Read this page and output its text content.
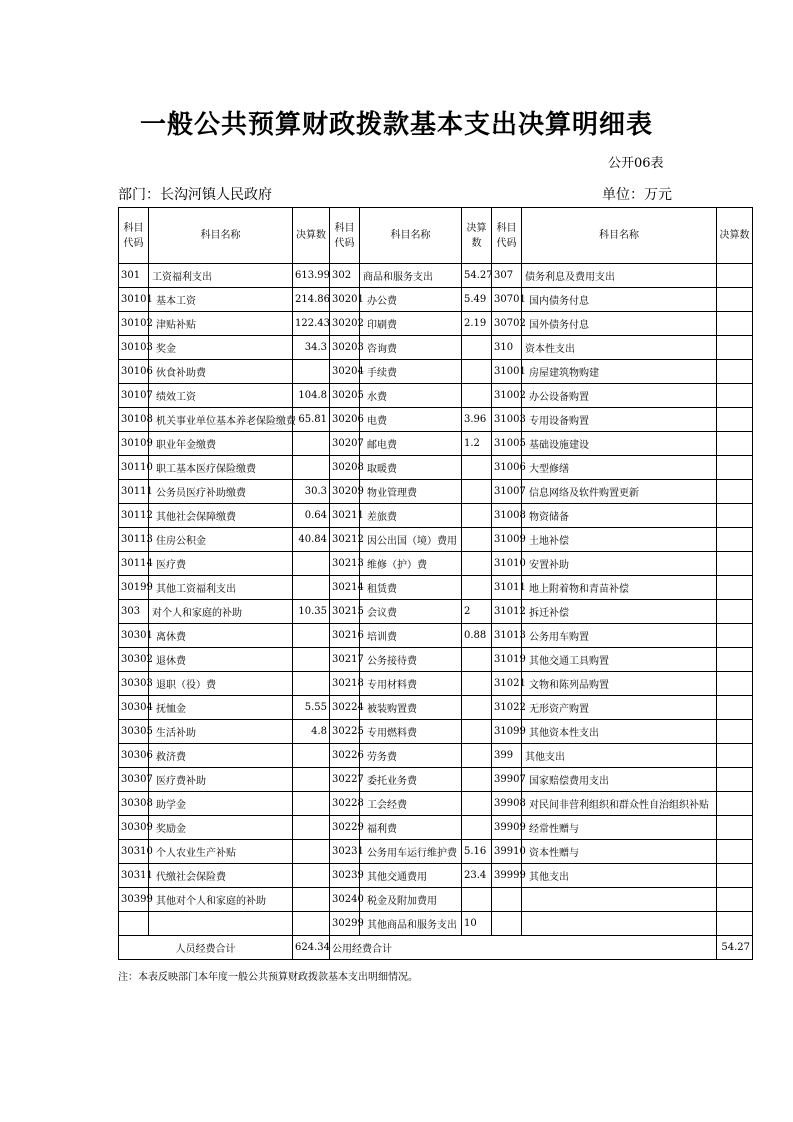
一般公共预算财政拨款基本支出决算明细表
公开06表
部门：长沟河镇人民政府	单位：万元
科目代码	科目名称	决算数	科目代码	科目名称	决算数	科目代码	科目名称	决算数
301	工资福利支出	613.99	302	商品和服务支出	54.27	307	债务利息及费用支出	
30101	基本工资	214.86	30201	办公费	5.49	30701	国内债务付息	
30102	津贴补贴	122.43	30202	印刷费	2.19	30702	国外债务付息	
30103	奖金	34.3	30203	咨询费		310	资本性支出	
30106	伙食补助费		30204	手续费		31001	房屋建筑物购建	
30107	绩效工资	104.8	30205	水费		31002	办公设备购置	
30108	机关事业单位基本养老保险缴费	65.81	30206	电费	3.96	31003	专用设备购置	
30109	职业年金缴费		30207	邮电费	1.2	31005	基础设施建设	
30110	职工基本医疗保险缴费		30208	取暖费		31006	大型修缮	
30111	公务员医疗补助缴费	30.3	30209	物业管理费		31007	信息网络及软件购置更新	
30112	其他社会保障缴费	0.64	30211	差旅费		31008	物资储备	
30113	住房公积金	40.84	30212	因公出国（境）费用		31009	土地补偿	
30114	医疗费		30213	维修（护）费		31010	安置补助	
30199	其他工资福利支出		30214	租赁费		31011	地上附着物和青苗补偿	
303	对个人和家庭的补助	10.35	30215	会议费	2	31012	拆迁补偿	
30301	离休费		30216	培训费	0.88	31013	公务用车购置	
30302	退休费		30217	公务接待费		31019	其他交通工具购置	
30303	退职（役）费		30218	专用材料费		31021	文物和陈列品购置	
30304	抚恤金	5.55	30224	被装购置费		31022	无形资产购置	
30305	生活补助	4.8	30225	专用燃料费		31099	其他资本性支出	
30306	救济费		30226	劳务费		399	其他支出	
30307	医疗费补助		30227	委托业务费		39907	国家赔偿费用支出	
30308	助学金		30228	工会经费		39908	对民间非营利组织和群众性自治组织补贴	
30309	奖励金		30229	福利费		39909	经常性赠与	
30310	个人农业生产补贴		30231	公务用车运行维护费	5.16	39910	资本性赠与	
30311	代缴社会保险费		30239	其他交通费用	23.4	39999	其他支出	
30399	其他对个人和家庭的补助		30240	税金及附加费用				
			30299	其他商品和服务支出	10			
人员经费合计		624.34	公用经费合计					54.27
注：本表反映部门本年度一般公共预算财政拨款基本支出明细情况。
